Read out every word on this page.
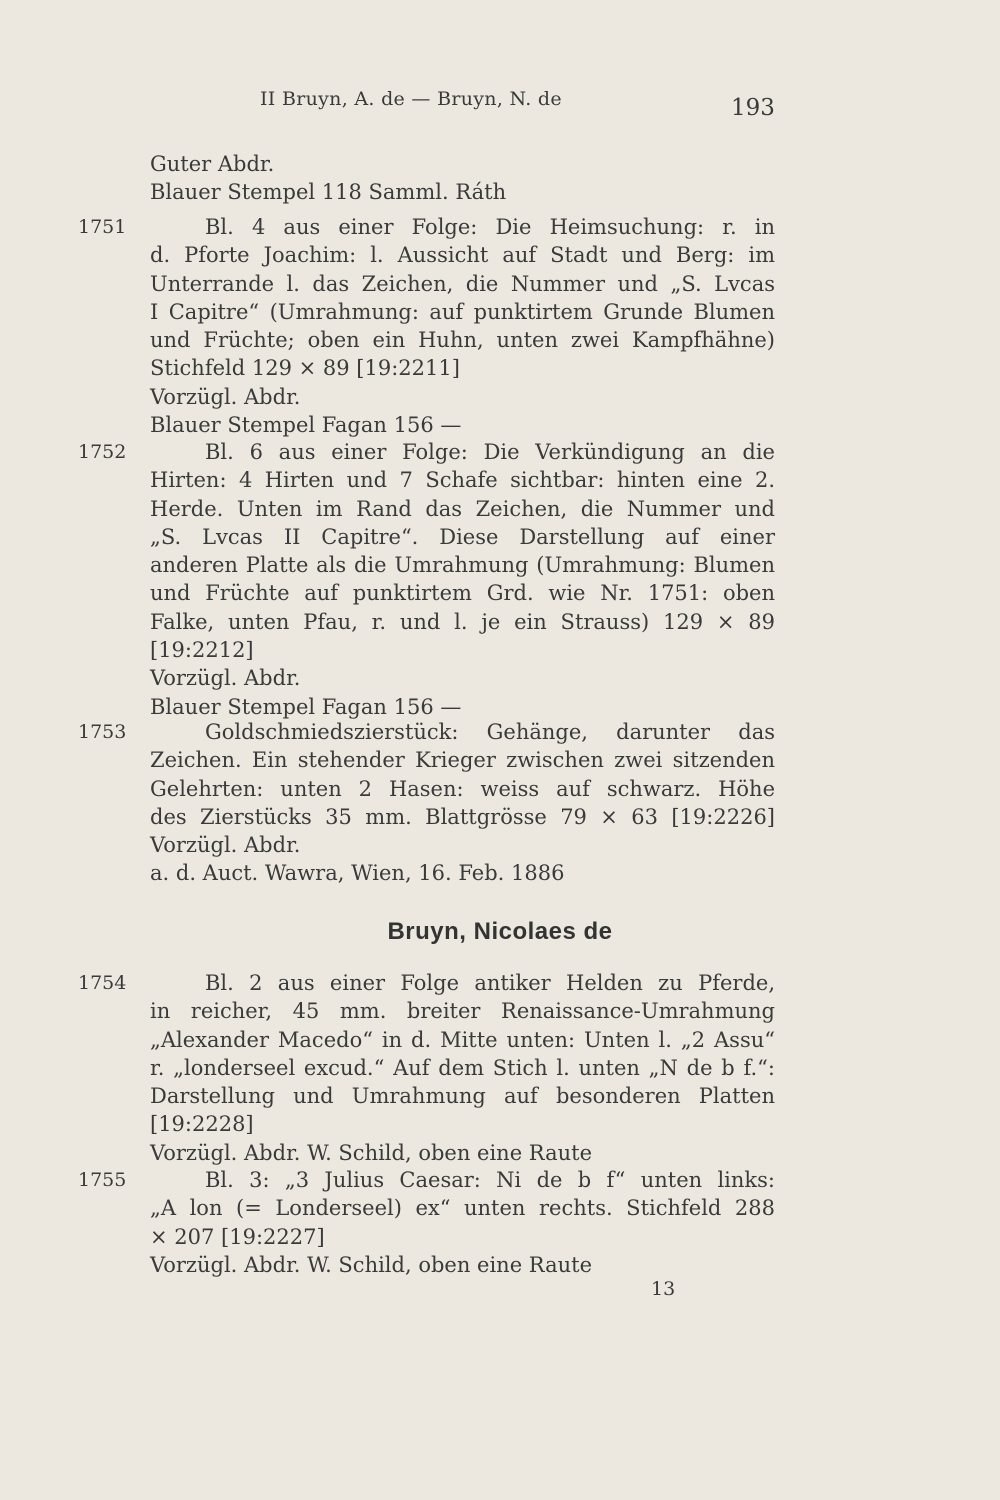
II Bruyn, A. de — Bruyn, N. de	193
Guter Abdr.
Blauer Stempel 118 Samml. Ráth
1751	Bl. 4 aus einer Folge: Die Heimsuchung: r. in
d. Pforte Joachim: l. Aussicht auf Stadt und Berg: im
Unterrande l. das Zeichen, die Nummer und „S. Lvcas
I Capitre“ (Umrahmung: auf punktirtem Grunde Blumen
und Früchte; oben ein Huhn, unten zwei Kampfhähne)
Stichfeld 129 × 89 [19:2211]
Vorzügl. Abdr.
Blauer Stempel Fagan 156 —
1752	Bl. 6 aus einer Folge: Die Verkündigung an die
Hirten: 4 Hirten und 7 Schafe sichtbar: hinten eine 2.
Herde. Unten im Rand das Zeichen, die Nummer und
„S. Lvcas II Capitre“. Diese Darstellung auf einer
anderen Platte als die Umrahmung (Umrahmung: Blumen
und Früchte auf punktirtem Grd. wie Nr. 1751: oben
Falke, unten Pfau, r. und l. je ein Strauss) 129 × 89
[19:2212]
Vorzügl. Abdr.
Blauer Stempel Fagan 156 —
1753	Goldschmiedszierstück: Gehänge, darunter das
Zeichen. Ein stehender Krieger zwischen zwei sitzenden
Gelehrten: unten 2 Hasen: weiss auf schwarz. Höhe
des Zierstücks 35 mm. Blattgrösse 79 × 63 [19:2226]
Vorzügl. Abdr.
a. d. Auct. Wawra, Wien, 16. Feb. 1886
Bruyn, Nicolaes de
1754	Bl. 2 aus einer Folge antiker Helden zu Pferde,
in reicher, 45 mm. breiter Renaissance-Umrahmung
„Alexander Macedo“ in d. Mitte unten: Unten l. „2 Assu“
r. „londerseel excud.“ Auf dem Stich l. unten „N de b f.“:
Darstellung und Umrahmung auf besonderen Platten
[19:2228]
Vorzügl. Abdr. W. Schild, oben eine Raute
1755	Bl. 3: „3 Julius Caesar: Ni de b f“ unten links:
„A lon (= Londerseel) ex“ unten rechts. Stichfeld 288
× 207 [19:2227]
Vorzügl. Abdr. W. Schild, oben eine Raute
13
